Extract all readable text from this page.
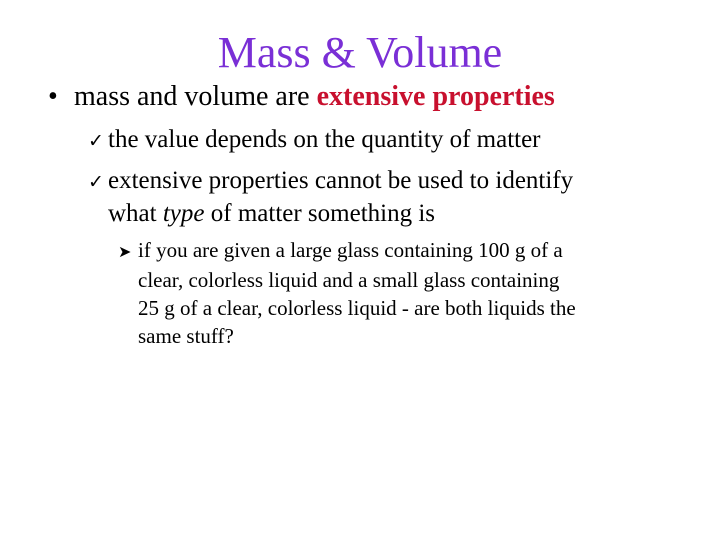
Mass & Volume
• mass and volume are extensive properties
✓ the value depends on the quantity of matter
✓ extensive properties cannot be used to identify
what type of matter something is
➤ if you are given a large glass containing 100 g of a
clear, colorless liquid and a small glass containing
25 g of a clear, colorless liquid - are both liquids the
same stuff?
